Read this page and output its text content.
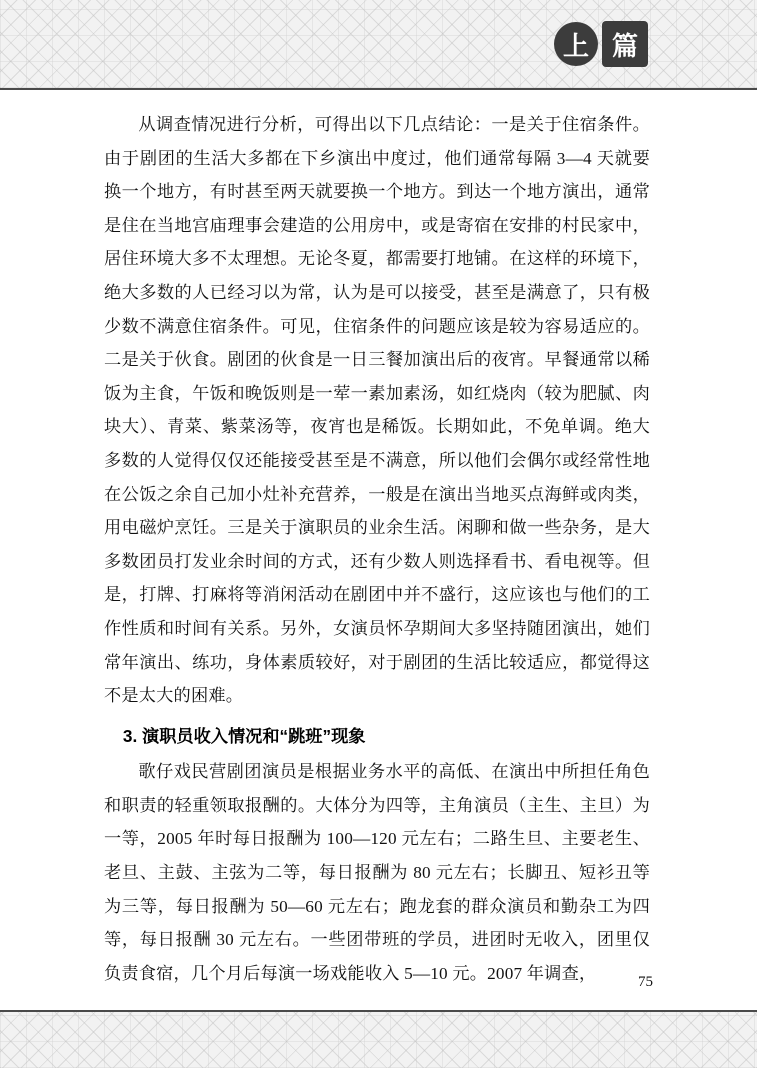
上 篇

从调查情况进行分析，可得出以下几点结论：一是关于住宿条件。由于剧团的生活大多都在下乡演出中度过，他们通常每隔 3—4 天就要换一个地方，有时甚至两天就要换一个地方。到达一个地方演出，通常是住在当地宫庙理事会建造的公用房中，或是寄宿在安排的村民家中，居住环境大多不太理想。无论冬夏，都需要打地铺。在这样的环境下，绝大多数的人已经习以为常，认为是可以接受，甚至是满意了，只有极少数不满意住宿条件。可见，住宿条件的问题应该是较为容易适应的。二是关于伙食。剧团的伙食是一日三餐加演出后的夜宵。早餐通常以稀饭为主食，午饭和晚饭则是一荤一素加素汤，如红烧肉（较为肥腻、肉块大）、青菜、紫菜汤等，夜宵也是稀饭。长期如此，不免单调。绝大多数的人觉得仅仅还能接受甚至是不满意，所以他们会偶尔或经常性地在公饭之余自己加小灶补充营养，一般是在演出当地买点海鲜或肉类，用电磁炉烹饪。三是关于演职员的业余生活。闲聊和做一些杂务，是大多数团员打发业余时间的方式，还有少数人则选择看书、看电视等。但是，打牌、打麻将等消闲活动在剧团中并不盛行，这应该也与他们的工作性质和时间有关系。另外，女演员怀孕期间大多坚持随团演出，她们常年演出、练功，身体素质较好，对于剧团的生活比较适应，都觉得这不是太大的困难。

3. 演职员收入情况和“跳班”现象

歌仔戏民营剧团演员是根据业务水平的高低、在演出中所担任角色和职责的轻重领取报酬的。大体分为四等，主角演员（主生、主旦）为一等，2005 年时每日报酬为 100—120 元左右；二路生旦、主要老生、老旦、主鼓、主弦为二等，每日报酬为 80 元左右；长脚丑、短衫丑等为三等，每日报酬为 50—60 元左右；跑龙套的群众演员和勤杂工为四等，每日报酬 30 元左右。一些团带班的学员，进团时无收入，团里仅负责食宿，几个月后每演一场戏能收入 5—10 元。2007 年调查，	75
